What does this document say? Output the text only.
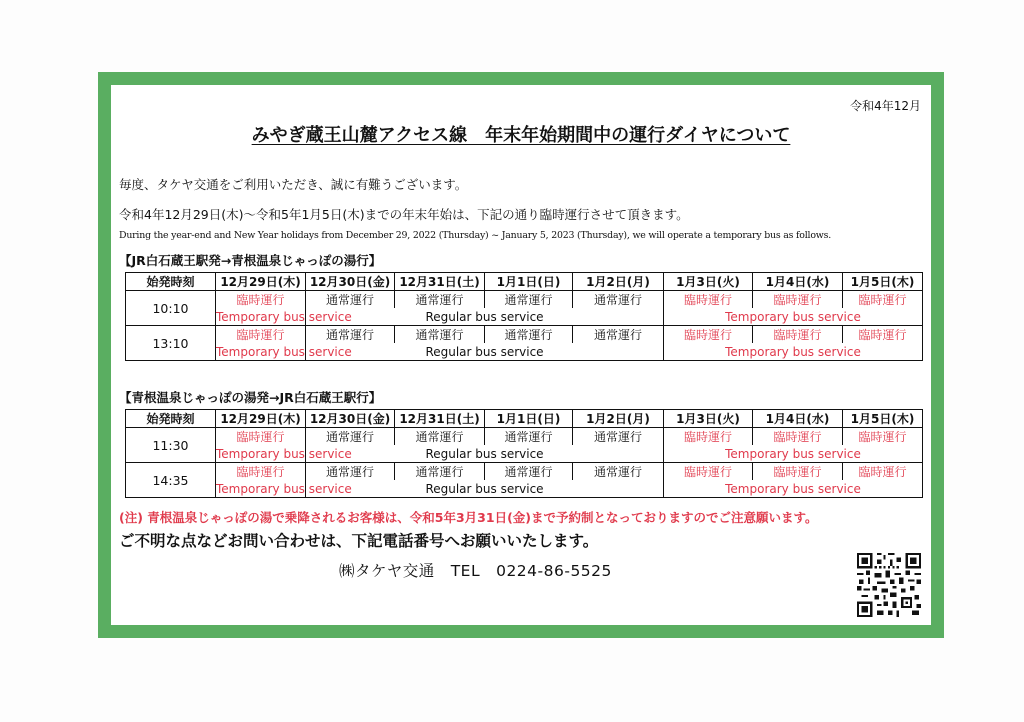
令和4年12月
みやぎ蔵王山麓アクセス線　年末年始期間中の運行ダイヤについて
毎度、タケヤ交通をご利用いただき、誠に有難うございます。
令和4年12月29日(木)～令和5年1月5日(木)までの年末年始は、下記の通り臨時運行させて頂きます。
During the year-end and New Year holidays from December 29, 2022 (Thursday) ~ January 5, 2023 (Thursday), we will operate a temporary bus as follows.
【JR白石蔵王駅発→青根温泉じゃっぽの湯行】
始発時刻	12月29日(木)	12月30日(金)	12月31日(土)	1月1日(日)	1月2日(月)	1月3日(火)	1月4日(水)	1月5日(木)
10:10	臨時運行	通常運行	通常運行	通常運行	通常運行	臨時運行	臨時運行	臨時運行
	Temporary bus service	Regular bus service				Temporary bus service		
13:10	臨時運行	通常運行	通常運行	通常運行	通常運行	臨時運行	臨時運行	臨時運行
	Temporary bus service	Regular bus service				Temporary bus service		
【青根温泉じゃっぽの湯発→JR白石蔵王駅行】
始発時刻	12月29日(木)	12月30日(金)	12月31日(土)	1月1日(日)	1月2日(月)	1月3日(火)	1月4日(水)	1月5日(木)
11:30	臨時運行	通常運行	通常運行	通常運行	通常運行	臨時運行	臨時運行	臨時運行
	Temporary bus service	Regular bus service				Temporary bus service		
14:35	臨時運行	通常運行	通常運行	通常運行	通常運行	臨時運行	臨時運行	臨時運行
	Temporary bus service	Regular bus service				Temporary bus service		
(注) 青根温泉じゃっぽの湯で乗降されるお客様は、令和5年3月31日(金)まで予約制となっておりますのでご注意願います。
ご不明な点などお問い合わせは、下記電話番号へお願いいたします。
㈱タケヤ交通　TEL　0224-86-5525
